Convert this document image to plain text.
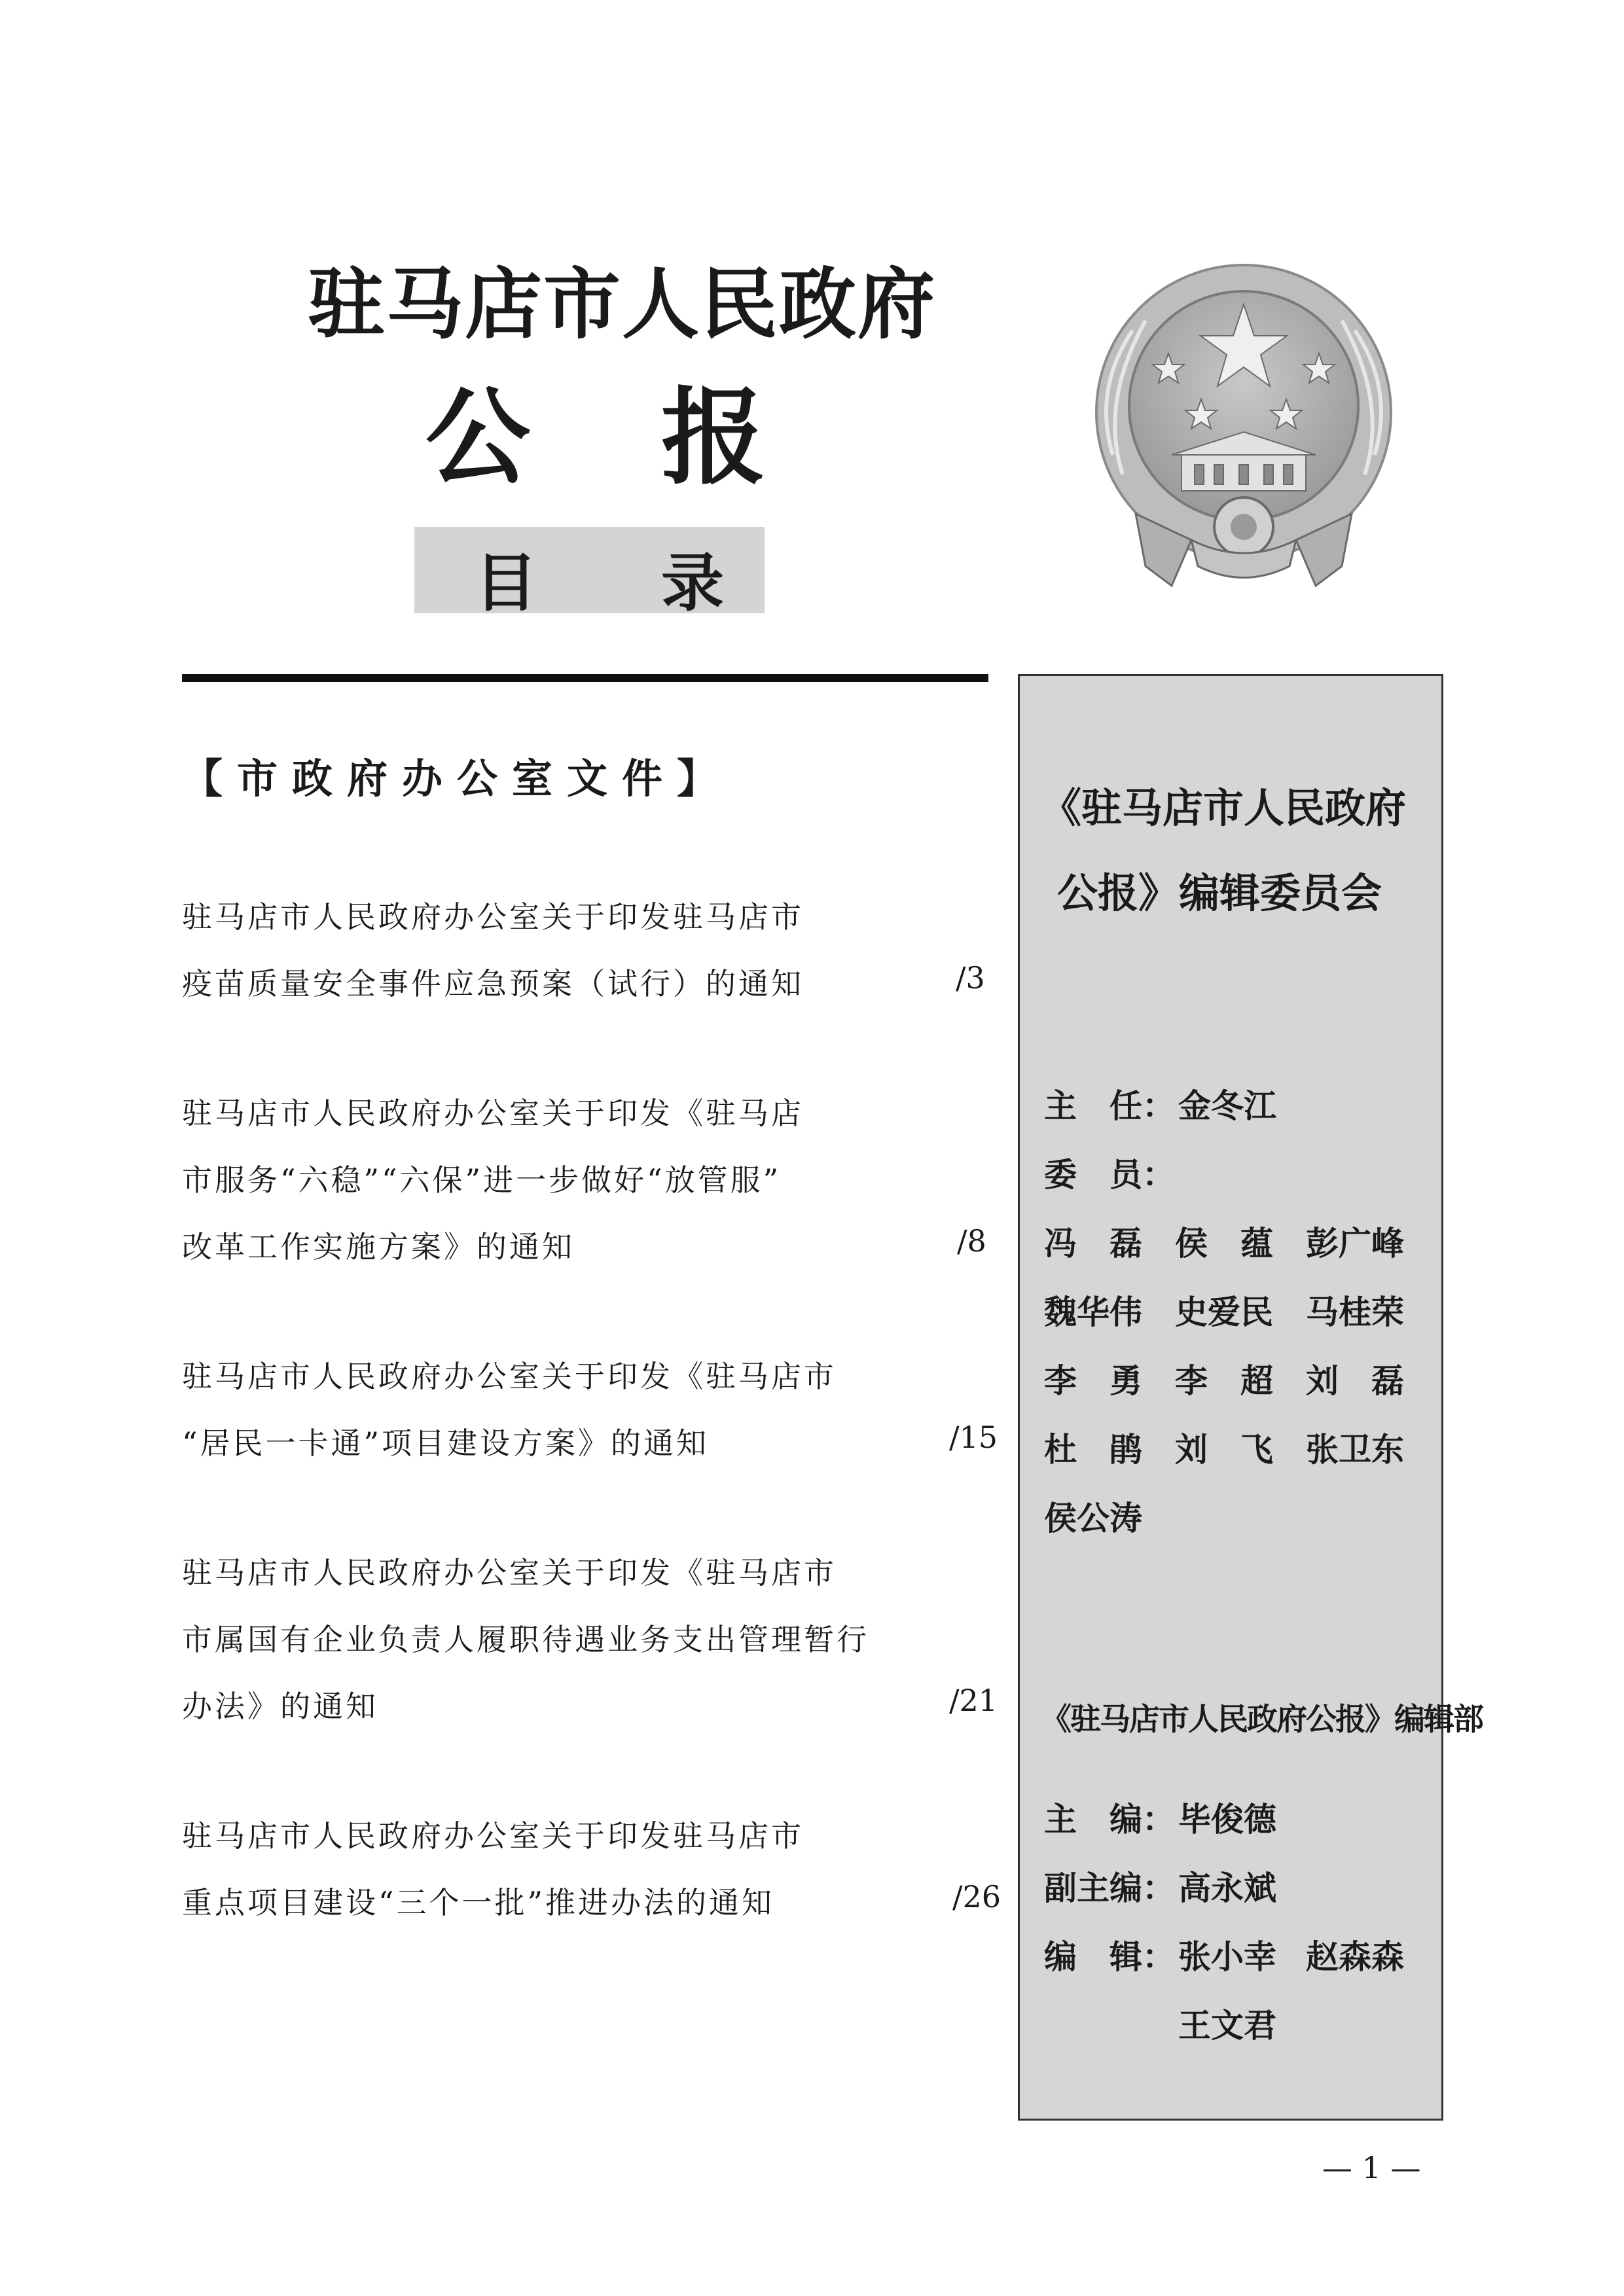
驻马店市人民政府
公 报
目 录
【市政府办公室文件】
驻马店市人民政府办公室关于印发驻马店市
疫苗质量安全事件应急预案（试行）的通知	/3
驻马店市人民政府办公室关于印发《驻马店
市服务“六稳”“六保”进一步做好“放管服”
改革工作实施方案》的通知	/8
驻马店市人民政府办公室关于印发《驻马店市
“居民一卡通”项目建设方案》的通知	/15
驻马店市人民政府办公室关于印发《驻马店市
市属国有企业负责人履职待遇业务支出管理暂行
办法》的通知	/21
驻马店市人民政府办公室关于印发驻马店市
重点项目建设“三个一批”推进办法的通知	/26
《驻马店市人民政府
公报》编辑委员会
主　任： 金冬江
委　员：
冯　磊 侯　蕴 彭广峰
魏华伟 史爱民 马桂荣
李　勇 李　超 刘　磊
杜　鹃 刘　飞 张卫东
侯公涛
《驻马店市人民政府公报》编辑部
主　编： 毕俊德
副主编： 高永斌
编　辑： 张小幸 赵森森
王文君
— 1 —
